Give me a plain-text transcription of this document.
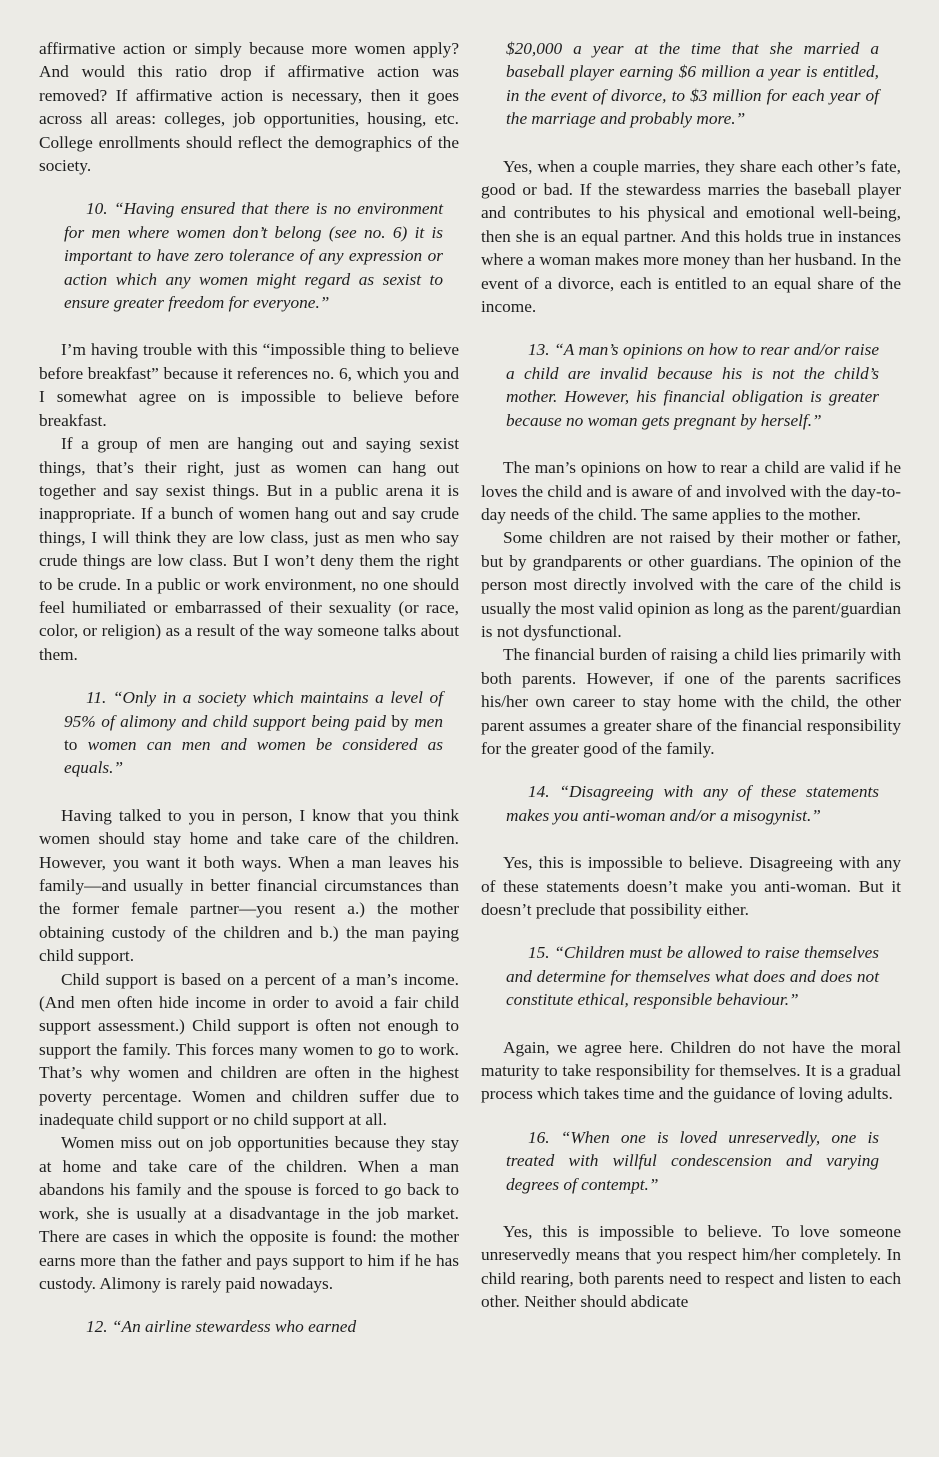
affirmative action or simply because more women apply? And would this ratio drop if affirmative action was removed? If affirmative action is necessary, then it goes across all areas: colleges, job opportunities, housing, etc. College enrollments should reflect the demographics of the society.

10. “Having ensured that there is no environment for men where women don’t belong (see no. 6) it is important to have zero tolerance of any expression or action which any women might regard as sexist to ensure greater freedom for everyone.”

I’m having trouble with this “impossible thing to believe before breakfast” because it references no. 6, which you and I somewhat agree on is impossible to believe before breakfast.

If a group of men are hanging out and saying sexist things, that’s their right, just as women can hang out together and say sexist things. But in a public arena it is inappropriate. If a bunch of women hang out and say crude things, I will think they are low class, just as men who say crude things are low class. But I won’t deny them the right to be crude. In a public or work environment, no one should feel humiliated or embarrassed of their sexuality (or race, color, or religion) as a result of the way someone talks about them.

11. “Only in a society which maintains a level of 95% of alimony and child support being paid by men to women can men and women be considered as equals.”

Having talked to you in person, I know that you think women should stay home and take care of the children. However, you want it both ways. When a man leaves his family—and usually in better financial circumstances than the former female partner—you resent a.) the mother obtaining custody of the children and b.) the man paying child support.

Child support is based on a percent of a man’s income. (And men often hide income in order to avoid a fair child support assessment.) Child support is often not enough to support the family. This forces many women to go to work. That’s why women and children are often in the highest poverty percentage. Women and children suffer due to inadequate child support or no child support at all.

Women miss out on job opportunities because they stay at home and take care of the children. When a man abandons his family and the spouse is forced to go back to work, she is usually at a disadvantage in the job market. There are cases in which the opposite is found: the mother earns more than the father and pays support to him if he has custody. Alimony is rarely paid nowadays.

12. “An airline stewardess who earned

$20,000 a year at the time that she married a baseball player earning $6 million a year is entitled, in the event of divorce, to $3 million for each year of the marriage and probably more.”

Yes, when a couple marries, they share each other’s fate, good or bad. If the stewardess marries the baseball player and contributes to his physical and emotional well-being, then she is an equal partner. And this holds true in instances where a woman makes more money than her husband. In the event of a divorce, each is entitled to an equal share of the income.

13. “A man’s opinions on how to rear and/or raise a child are invalid because his is not the child’s mother. However, his financial obligation is greater because no woman gets pregnant by herself.”

The man’s opinions on how to rear a child are valid if he loves the child and is aware of and involved with the day-to-day needs of the child. The same applies to the mother.

Some children are not raised by their mother or father, but by grandparents or other guardians. The opinion of the person most directly involved with the care of the child is usually the most valid opinion as long as the parent/guardian is not dysfunctional.

The financial burden of raising a child lies primarily with both parents. However, if one of the parents sacrifices his/her own career to stay home with the child, the other parent assumes a greater share of the financial responsibility for the greater good of the family.

14. “Disagreeing with any of these statements makes you anti-woman and/or a misogynist.”

Yes, this is impossible to believe. Disagreeing with any of these statements doesn’t make you anti-woman. But it doesn’t preclude that possibility either.

15. “Children must be allowed to raise themselves and determine for themselves what does and does not constitute ethical, responsible behaviour.”

Again, we agree here. Children do not have the moral maturity to take responsibility for themselves. It is a gradual process which takes time and the guidance of loving adults.

16. “When one is loved unreservedly, one is treated with willful condescension and varying degrees of contempt.”

Yes, this is impossible to believe. To love someone unreservedly means that you respect him/her completely. In child rearing, both parents need to respect and listen to each other. Neither should abdicate
